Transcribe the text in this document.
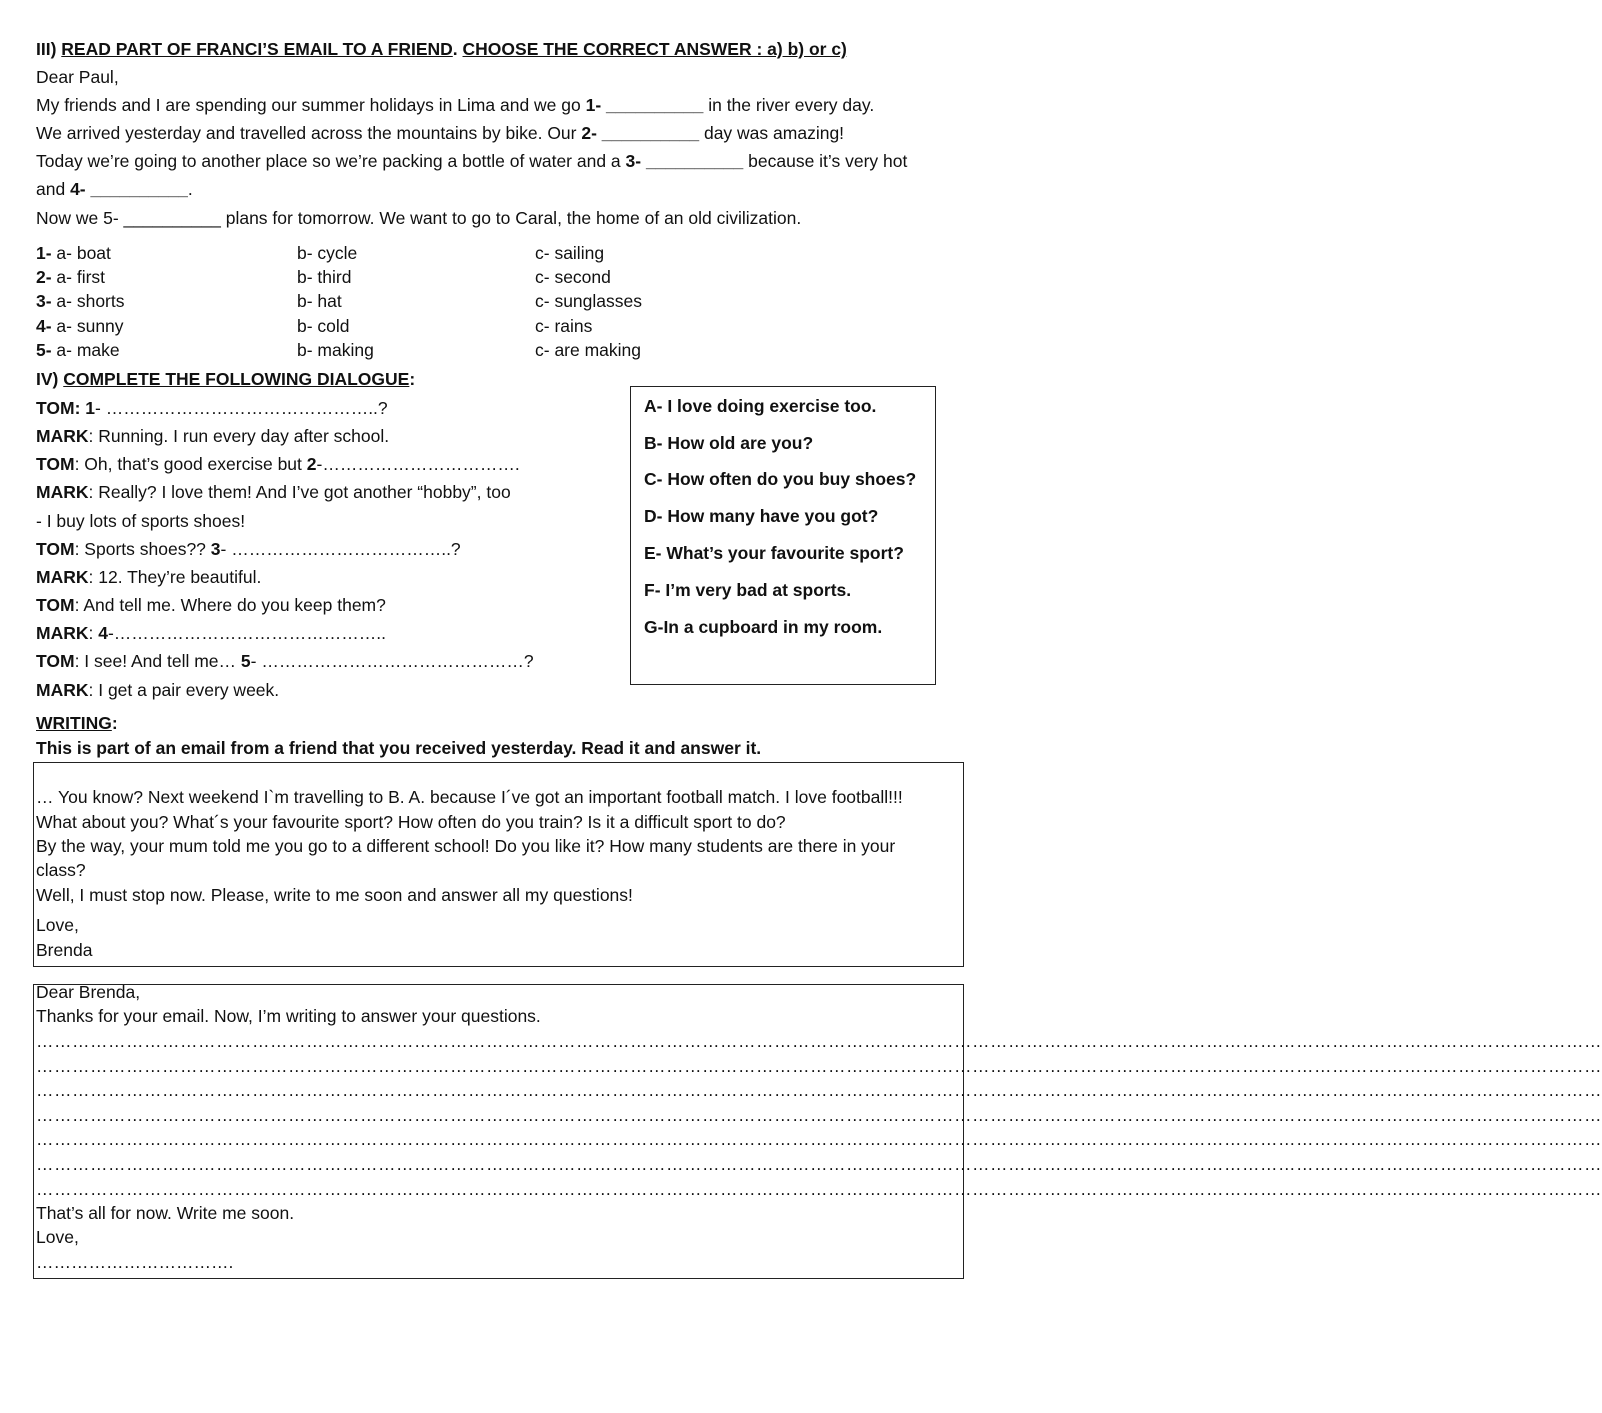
III) READ PART OF FRANCI’S EMAIL TO A FRIEND. CHOOSE THE CORRECT ANSWER : a) b) or c)
Dear Paul,
My friends and I are spending our summer holidays in Lima and we go 1- __________ in the river every day.
We arrived yesterday and travelled across the mountains by bike. Our 2- __________ day was amazing!
Today we’re going to another place so we’re packing a bottle of water and a 3- __________ because it’s very hot
and 4- __________.
Now we 5- __________ plans for tomorrow. We want to go to Caral, the home of an old civilization.
1- a- boat	b- cycle	c- sailing
2- a- first	b- third	c- second
3- a- shorts	b- hat	c- sunglasses
4- a- sunny	b- cold	c- rains
5- a- make	b- making	c- are making
IV) COMPLETE THE FOLLOWING DIALOGUE:
TOM: 1- ………………………………………..?
MARK: Running. I run every day after school.
TOM: Oh, that’s good exercise but 2-…………………………….
MARK: Really? I love them! And I’ve got another “hobby”, too
- I buy lots of sports shoes!
TOM: Sports shoes?? 3- ………………………………..?
MARK: 12. They’re beautiful.
TOM: And tell me. Where do you keep them?
MARK: 4-………………………………………..
TOM: I see! And tell me… 5- ………………………………………?
MARK: I get a pair every week.
A- I love doing exercise too.
B- How old are you?
C- How often do you buy shoes?
D- How many have you got?
E- What’s your favourite sport?
F- I’m very bad at sports.
G-In a cupboard in my room.
WRITING:
This is part of an email from a friend that you received yesterday. Read it and answer it.
… You know? Next weekend I`m travelling to B. A. because I´ve got an important football match. I love football!!!
What about you? What´s your favourite sport? How often do you train? Is it a difficult sport to do?
By the way, your mum told me you go to a different school! Do you like it? How many students are there in your
class?
Well, I must stop now. Please, write to me soon and answer all my questions!
Love,
Brenda
Dear Brenda,
Thanks for your email. Now, I’m writing to answer your questions.
………………………………………………………………………………………………………………………………………………………………………………………………………………………………………
………………………………………………………………………………………………………………………………………………………………………………………………………………………………………
………………………………………………………………………………………………………………………………………………………………………………………………………………………………………
………………………………………………………………………………………………………………………………………………………………………………………………………………………………………
………………………………………………………………………………………………………………………………………………………………………………………………………………………………………
………………………………………………………………………………………………………………………………………………………………………………………………………………………………………
………………………………………………………………………………………………………………………………………………………………………………………………………………………………………
That’s all for now. Write me soon.
Love,
…………………………….
